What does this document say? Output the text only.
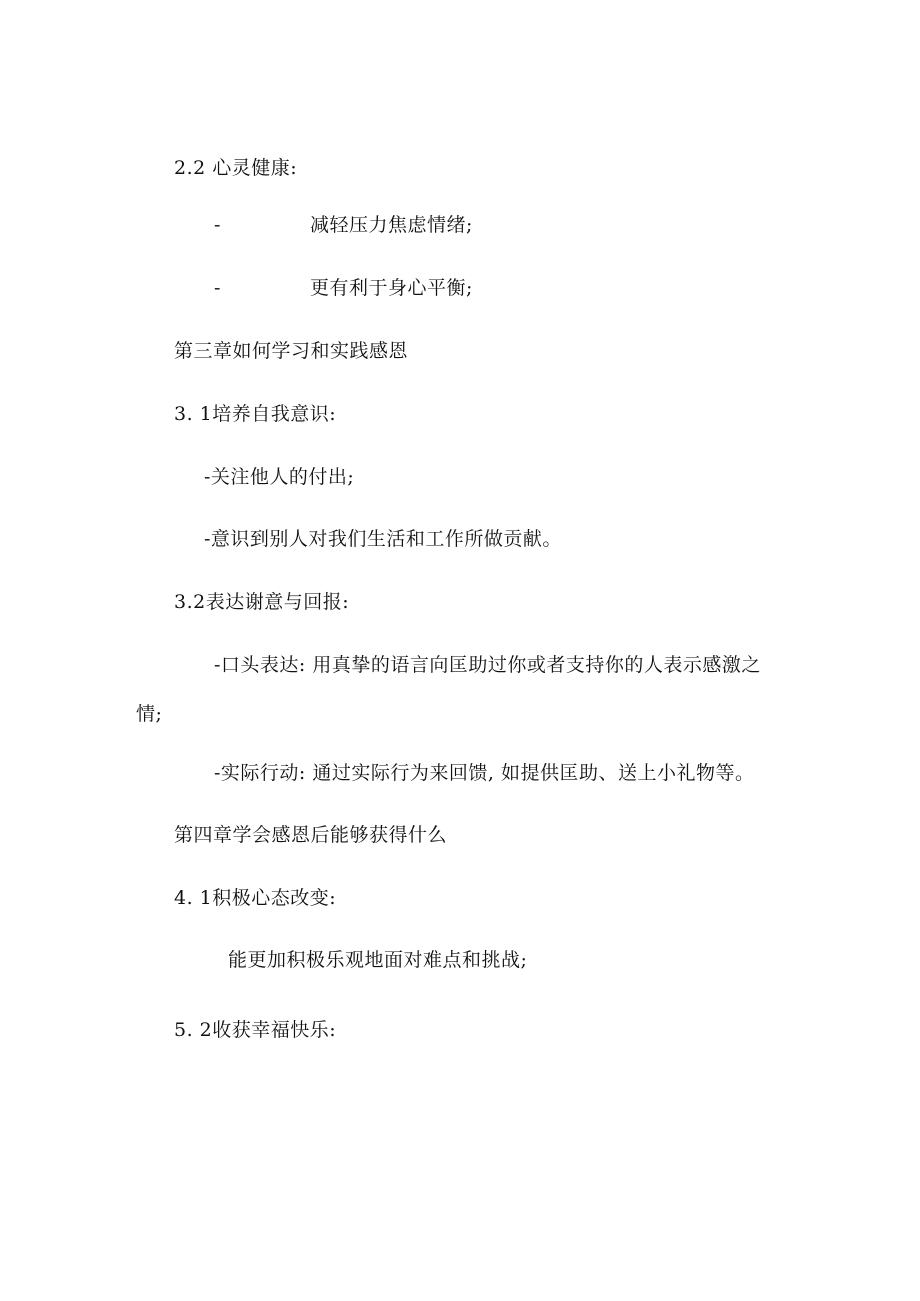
2.2 心灵健康:
-	减轻压力焦虑情绪;
-	更有利于身心平衡;
第三章如何学习和实践感恩
3. 1培养自我意识:
-关注他人的付出;
-意识到别人对我们生活和工作所做贡献。
3.2表达谢意与回报:
-口头表达: 用真挚的语言向匡助过你或者支持你的人表示感激之
情;
-实际行动: 通过实际行为来回馈, 如提供匡助、送上小礼物等。
第四章学会感恩后能够获得什么
4. 1积极心态改变:
能更加积极乐观地面对难点和挑战;
5. 2收获幸福快乐:
